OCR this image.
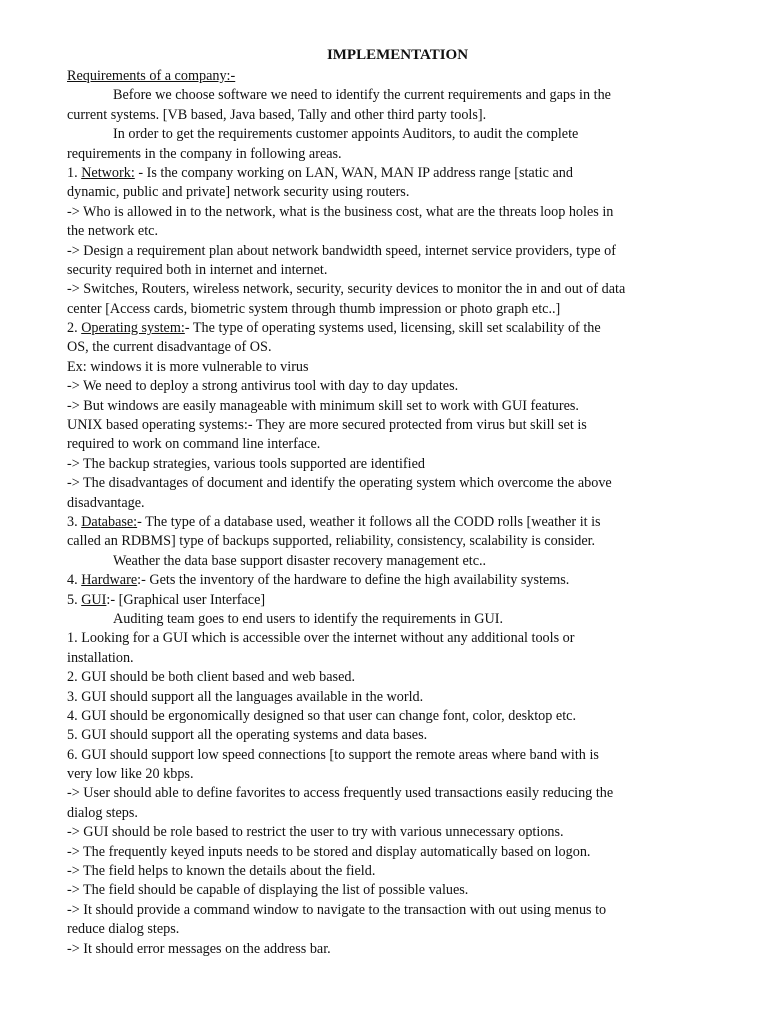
IMPLEMENTATION
Requirements of a company:-
Before we choose software we need to identify the current requirements and gaps in the
current systems. [VB based, Java based, Tally and other third party tools].
In order to get the requirements customer appoints Auditors, to audit the complete
requirements in the company in following areas.
1. Network: - Is the company working on LAN, WAN, MAN IP address range [static and
dynamic, public and private] network security using routers.
-> Who is allowed in to the network, what is the business cost, what are the threats loop holes in
the network etc.
-> Design a requirement plan about network bandwidth speed, internet service providers, type of
security required both in internet and internet.
-> Switches, Routers, wireless network, security, security devices to monitor the in and out of data
center [Access cards, biometric system through thumb impression or photo graph etc..]
2. Operating system:- The type of operating systems used, licensing, skill set scalability of the
OS, the current disadvantage of OS.
Ex: windows it is more vulnerable to virus
-> We need to deploy a strong antivirus tool with day to day updates.
-> But windows are easily manageable with minimum skill set to work with GUI features.
UNIX based operating systems:- They are more secured protected from virus but skill set is
required to work on command line interface.
-> The backup strategies, various tools supported are identified
-> The disadvantages of document and identify the operating system which overcome the above
disadvantage.
3. Database:- The type of a database used, weather it follows all the CODD rolls [weather it is
called an RDBMS] type of backups supported, reliability, consistency, scalability is consider.
Weather the data base support disaster recovery management etc..
4. Hardware:- Gets the inventory of the hardware to define the high availability systems.
5. GUI:- [Graphical user Interface]
Auditing team goes to end users to identify the requirements in GUI.
1. Looking for a GUI which is accessible over the internet without any additional tools or
installation.
2. GUI should be both client based and web based.
3. GUI should support all the languages available in the world.
4. GUI should be ergonomically designed so that user can change font, color, desktop etc.
5. GUI should support all the operating systems and data bases.
6. GUI should support low speed connections [to support the remote areas where band with is
very low like 20 kbps.
-> User should able to define favorites to access frequently used transactions easily reducing the
dialog steps.
-> GUI should be role based to restrict the user to try with various unnecessary options.
-> The frequently keyed inputs needs to be stored and display automatically based on logon.
-> The field helps to known the details about the field.
-> The field should be capable of displaying the list of possible values.
-> It should provide a command window to navigate to the transaction with out using menus to
reduce dialog steps.
-> It should error messages on the address bar.
